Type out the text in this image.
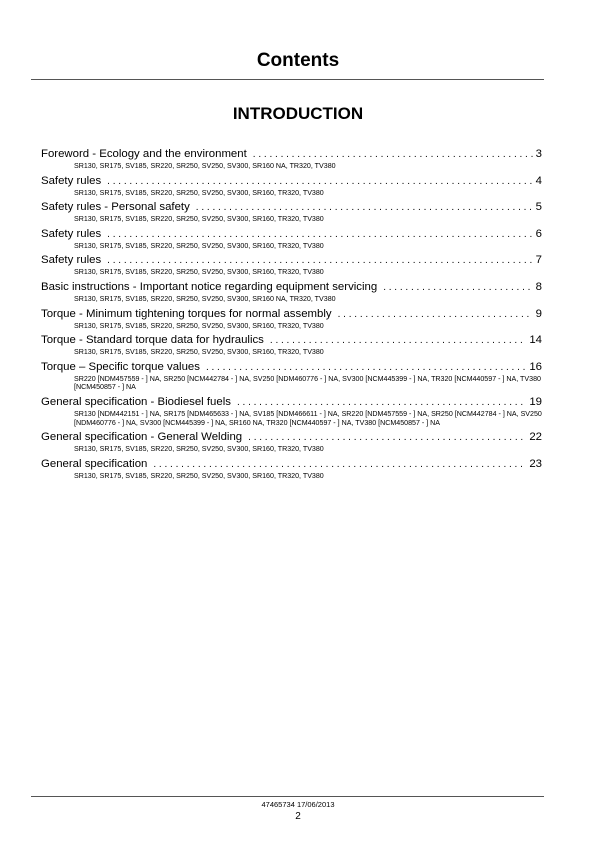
Contents
INTRODUCTION
Foreword - Ecology and the environment . . .	3
SR130, SR175, SV185, SR220, SR250, SV250, SV300, SR160 NA, TR320, TV380
Safety rules . . .	4
SR130, SR175, SV185, SR220, SR250, SV250, SV300, SR160, TR320, TV380
Safety rules - Personal safety . . .	5
SR130, SR175, SV185, SR220, SR250, SV250, SV300, SR160, TR320, TV380
Safety rules . . .	6
SR130, SR175, SV185, SR220, SR250, SV250, SV300, SR160, TR320, TV380
Safety rules . . .	7
SR130, SR175, SV185, SR220, SR250, SV250, SV300, SR160, TR320, TV380
Basic instructions - Important notice regarding equipment servicing . . .	8
SR130, SR175, SV185, SR220, SR250, SV250, SV300, SR160 NA, TR320, TV380
Torque - Minimum tightening torques for normal assembly . . .	9
SR130, SR175, SV185, SR220, SR250, SV250, SV300, SR160, TR320, TV380
Torque - Standard torque data for hydraulics . . .	14
SR130, SR175, SV185, SR220, SR250, SV250, SV300, SR160, TR320, TV380
Torque – Specific torque values . . .	16
SR220 [NDM457559 - ] NA, SR250 [NCM442784 - ] NA, SV250 [NDM460776 - ] NA, SV300 [NCM445399 - ] NA, TR320 [NCM440597 - ] NA, TV380 [NCM450857 - ] NA
General specification - Biodiesel fuels . . .	19
SR130 [NDM442151 - ] NA, SR175 [NDM465633 - ] NA, SV185 [NDM466611 - ] NA, SR220 [NDM457559 - ] NA, SR250 [NCM442784 - ] NA, SV250 [NDM460776 - ] NA, SV300 [NCM445399 - ] NA, SR160 NA, TR320 [NCM440597 - ] NA, TV380 [NCM450857 - ] NA
General specification - General Welding . . .	22
SR130, SR175, SV185, SR220, SR250, SV250, SV300, SR160, TR320, TV380
General specification . . .	23
SR130, SR175, SV185, SR220, SR250, SV250, SV300, SR160, TR320, TV380
47465734 17/06/2013
2
